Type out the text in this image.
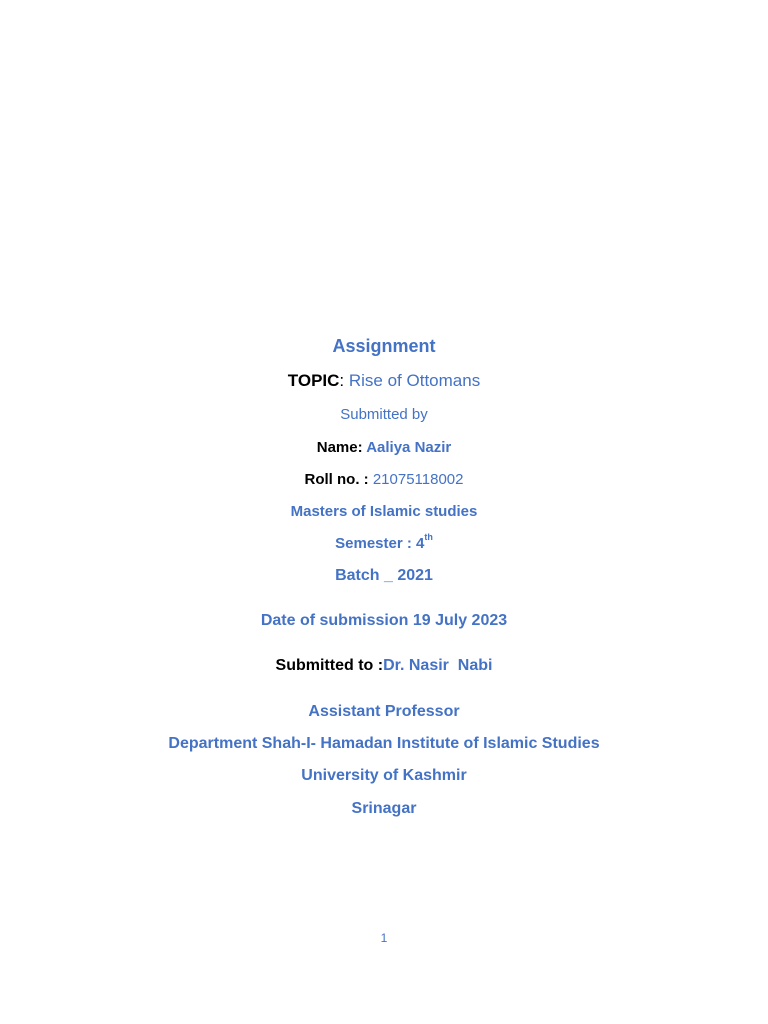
Assignment
TOPIC: Rise of Ottomans
Submitted by
Name: Aaliya Nazir
Roll no. : 21075118002
Masters of Islamic studies
Semester : 4th
Batch _ 2021
Date of submission 19 July 2023
Submitted to :Dr. Nasir  Nabi
Assistant Professor
Department Shah-I- Hamadan Institute of Islamic Studies
University of Kashmir
Srinagar
1
